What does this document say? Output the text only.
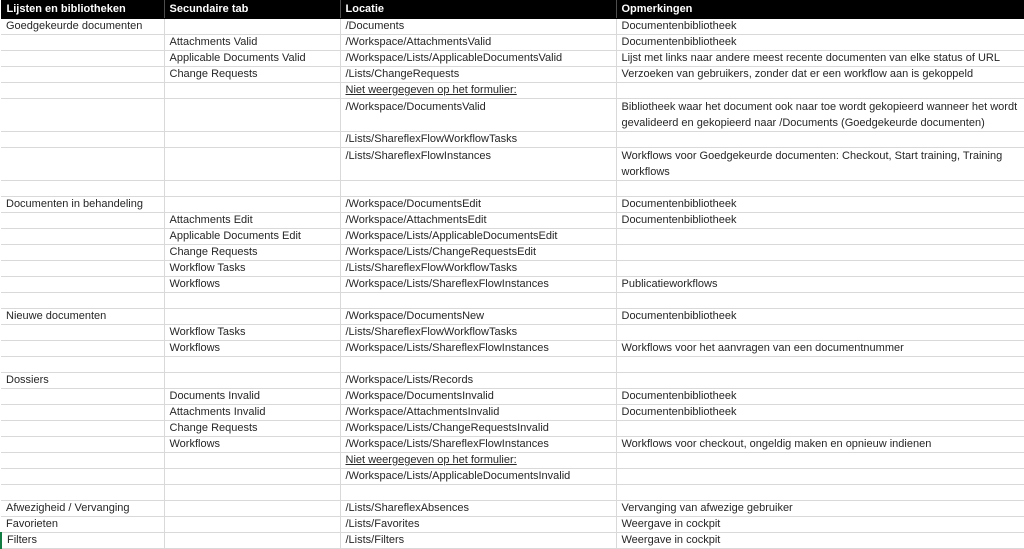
Lijsten en bibliotheken	Secundaire tab	Locatie	Opmerkingen
Goedgekeurde documenten		/Documents	Documentenbibliotheek
	Attachments Valid	/Workspace/AttachmentsValid	Documentenbibliotheek
	Applicable Documents Valid	/Workspace/Lists/ApplicableDocumentsValid	Lijst met links naar andere meest recente documenten van elke status of URL
	Change Requests	/Lists/ChangeRequests	Verzoeken van gebruikers, zonder dat er een workflow aan is gekoppeld
		Niet weergegeven op het formulier:	
		/Workspace/DocumentsValid	Bibliotheek waar het document ook naar toe wordt gekopieerd wanneer het wordt gevalideerd en gekopieerd naar /Documents (Goedgekeurde documenten)
		/Lists/ShareflexFlowWorkflowTasks	
		/Lists/ShareflexFlowInstances	Workflows voor Goedgekeurde documenten: Checkout, Start training, Training workflows

Documenten in behandeling		/Workspace/DocumentsEdit	Documentenbibliotheek
	Attachments Edit	/Workspace/AttachmentsEdit	Documentenbibliotheek
	Applicable Documents Edit	/Workspace/Lists/ApplicableDocumentsEdit	
	Change Requests	/Workspace/Lists/ChangeRequestsEdit	
	Workflow Tasks	/Lists/ShareflexFlowWorkflowTasks	
	Workflows	/Workspace/Lists/ShareflexFlowInstances	Publicatieworkflows

Nieuwe documenten		/Workspace/DocumentsNew	Documentenbibliotheek
	Workflow Tasks	/Lists/ShareflexFlowWorkflowTasks	
	Workflows	/Workspace/Lists/ShareflexFlowInstances	Workflows voor het aanvragen van een documentnummer

Dossiers		/Workspace/Lists/Records	
	Documents Invalid	/Workspace/DocumentsInvalid	Documentenbibliotheek
	Attachments Invalid	/Workspace/AttachmentsInvalid	Documentenbibliotheek
	Change Requests	/Workspace/Lists/ChangeRequestsInvalid	
	Workflows	/Workspace/Lists/ShareflexFlowInstances	Workflows voor checkout, ongeldig maken en opnieuw indienen
		Niet weergegeven op het formulier:	
		/Workspace/Lists/ApplicableDocumentsInvalid	

Afwezigheid / Vervanging		/Lists/ShareflexAbsences	Vervanging van afwezige gebruiker
Favorieten		/Lists/Favorites	Weergave in cockpit
Filters		/Lists/Filters	Weergave in cockpit
